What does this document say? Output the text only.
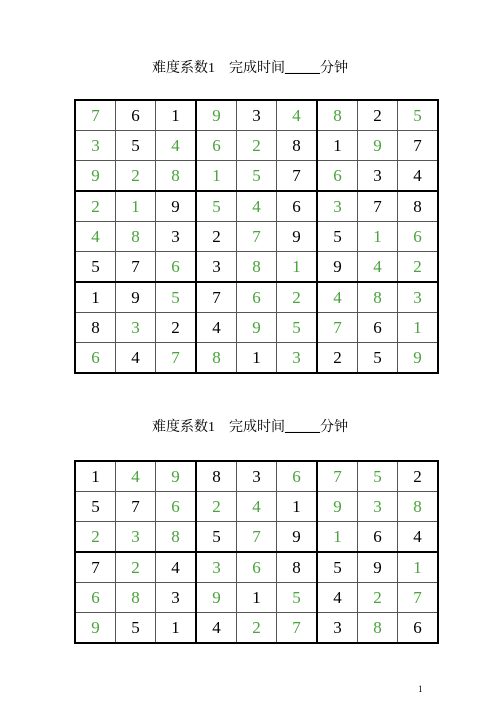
难度系数1    完成时间_____分钟
7	6	1	9	3	4	8	2	5
3	5	4	6	2	8	1	9	7
9	2	8	1	5	7	6	3	4
2	1	9	5	4	6	3	7	8
4	8	3	2	7	9	5	1	6
5	7	6	3	8	1	9	4	2
1	9	5	7	6	2	4	8	3
8	3	2	4	9	5	7	6	1
6	4	7	8	1	3	2	5	9
难度系数1    完成时间_____分钟
1	4	9	8	3	6	7	5	2
5	7	6	2	4	1	9	3	8
2	3	8	5	7	9	1	6	4
7	2	4	3	6	8	5	9	1
6	8	3	9	1	5	4	2	7
9	5	1	4	2	7	3	8	6
1
